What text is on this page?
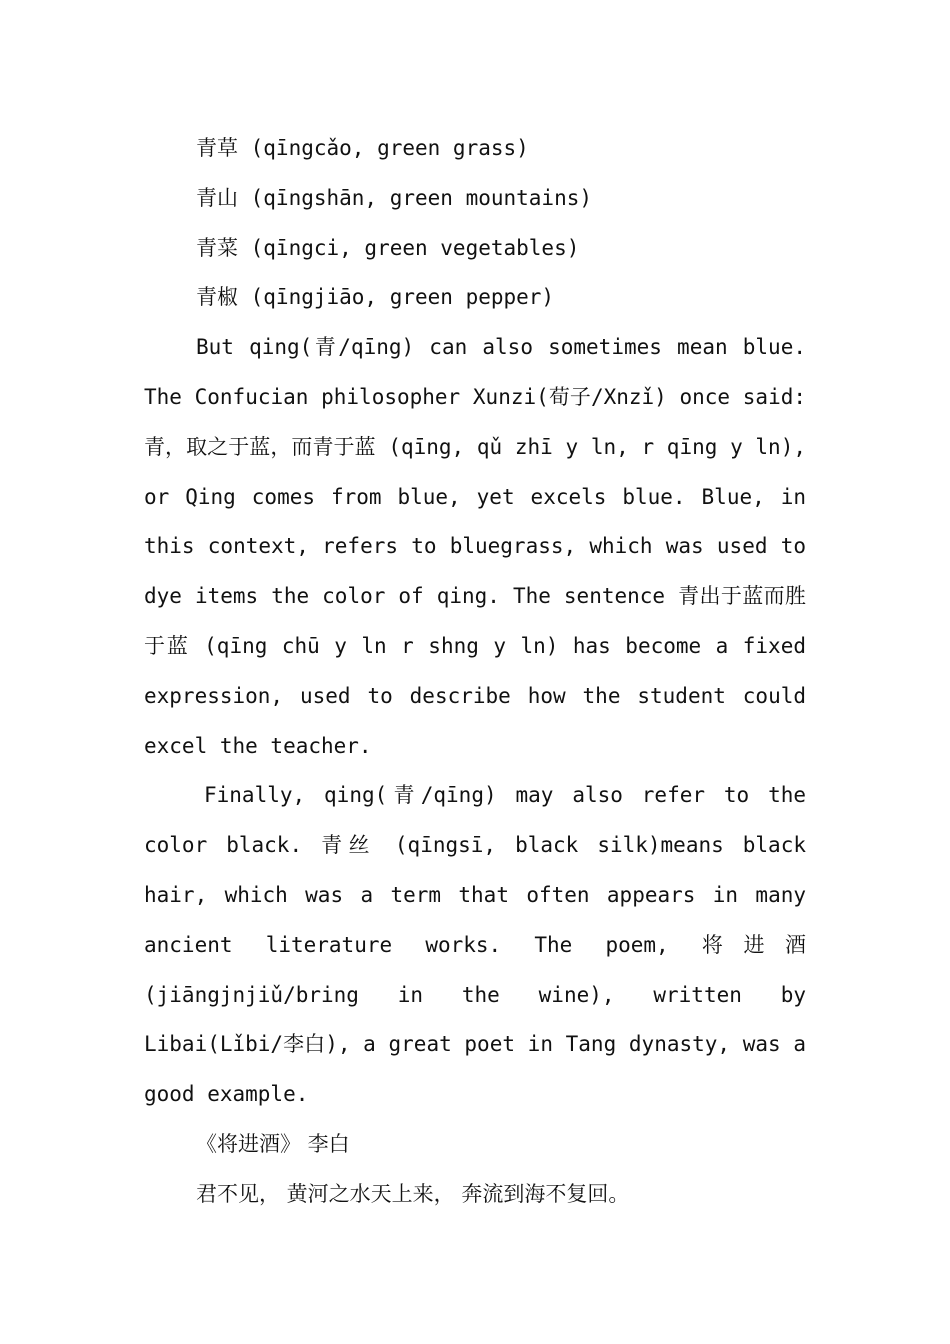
青草 (qīngcǎo, green grass)

青山 (qīngshān, green mountains)

青菜 (qīngci, green vegetables)

青椒 (qīngjiāo, green pepper)

But qing(青/qīng) can also sometimes mean blue. The Confucian philosopher Xunzi(荀子/Xnzǐ) once said: 青，取之于蓝，而青于蓝 (qīng, qǔ zhī y ln, r qīng y ln), or Qing comes from blue, yet excels blue. Blue, in this context, refers to bluegrass, which was used to dye items the color of qing. The sentence 青出于蓝而胜于蓝 (qīng chū y ln r shng y ln) has become a fixed expression, used to describe how the student could excel the teacher.

Finally, qing(青/qīng) may also refer to the color black. 青丝 (qīngsī, black silk)means black hair, which was a term that often appears in many ancient literature works. The poem, 将进酒 (jiāngjnjiǔ/bring in the wine), written by Libai(Lǐbi/李白), a great poet in Tang dynasty, was a good example.

《将进酒》 李白

君不见， 黄河之水天上来， 奔流到海不复回。
